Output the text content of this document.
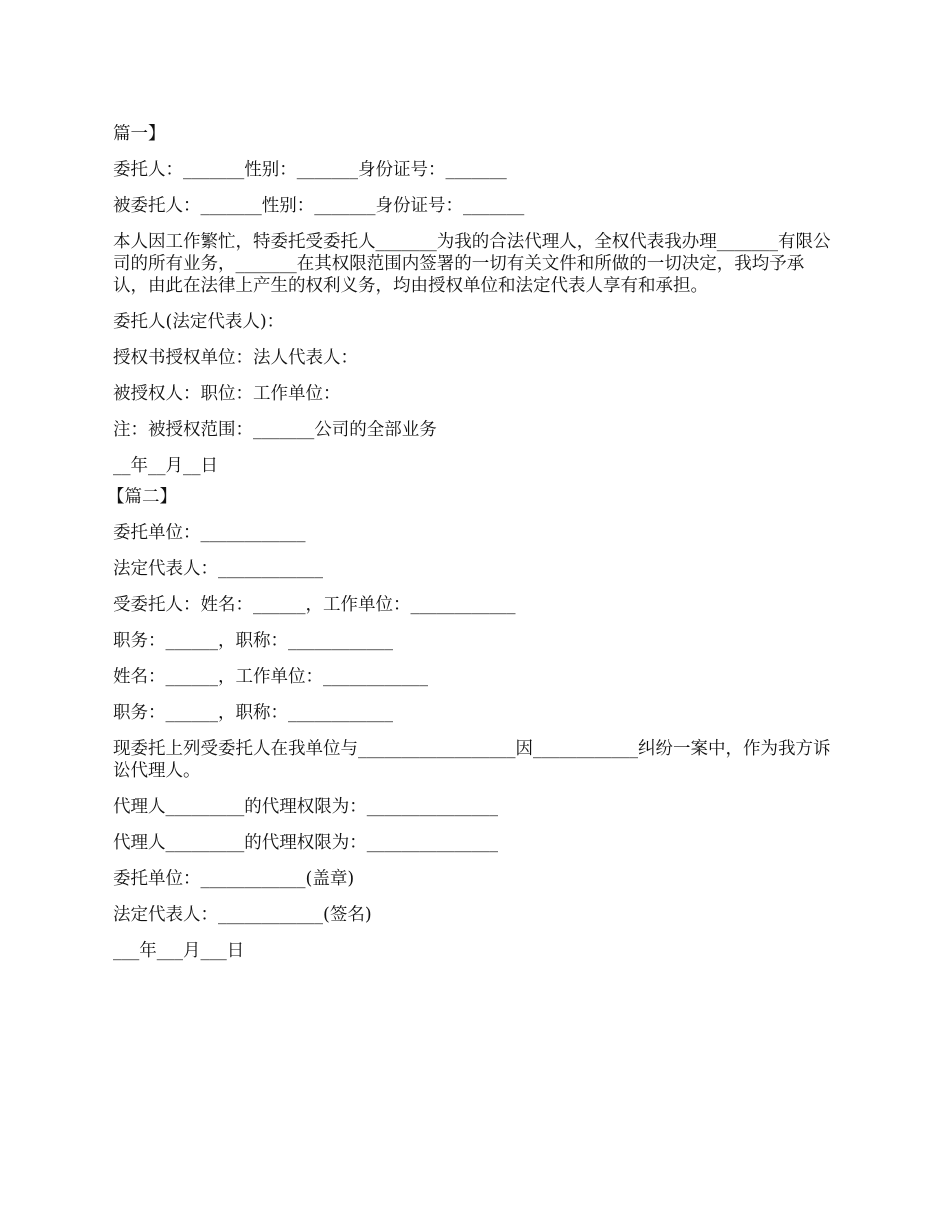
篇一】

委托人：_______性别：_______身份证号：_______

被委托人：_______性别：_______身份证号：_______

本人因工作繁忙，特委托受委托人_______为我的合法代理人，全权代表我办理_______有限公司的所有业务，_______在其权限范围内签署的一切有关文件和所做的一切决定，我均予承认，由此在法律上产生的权利义务，均由授权单位和法定代表人享有和承担。

委托人(法定代表人)：

授权书授权单位：法人代表人：

被授权人：职位：工作单位：

注：被授权范围：_______公司的全部业务

__年__月__日

【篇二】

委托单位：____________

法定代表人：____________

受委托人：姓名：______，工作单位：____________

职务：______，职称：____________

姓名：______，工作单位：____________

职务：______，职称：____________

现委托上列受委托人在我单位与__________________因____________纠纷一案中，作为我方诉讼代理人。

代理人_________的代理权限为：_______________

代理人_________的代理权限为：_______________

委托单位：____________(盖章)

法定代表人：____________(签名)

___年___月___日
